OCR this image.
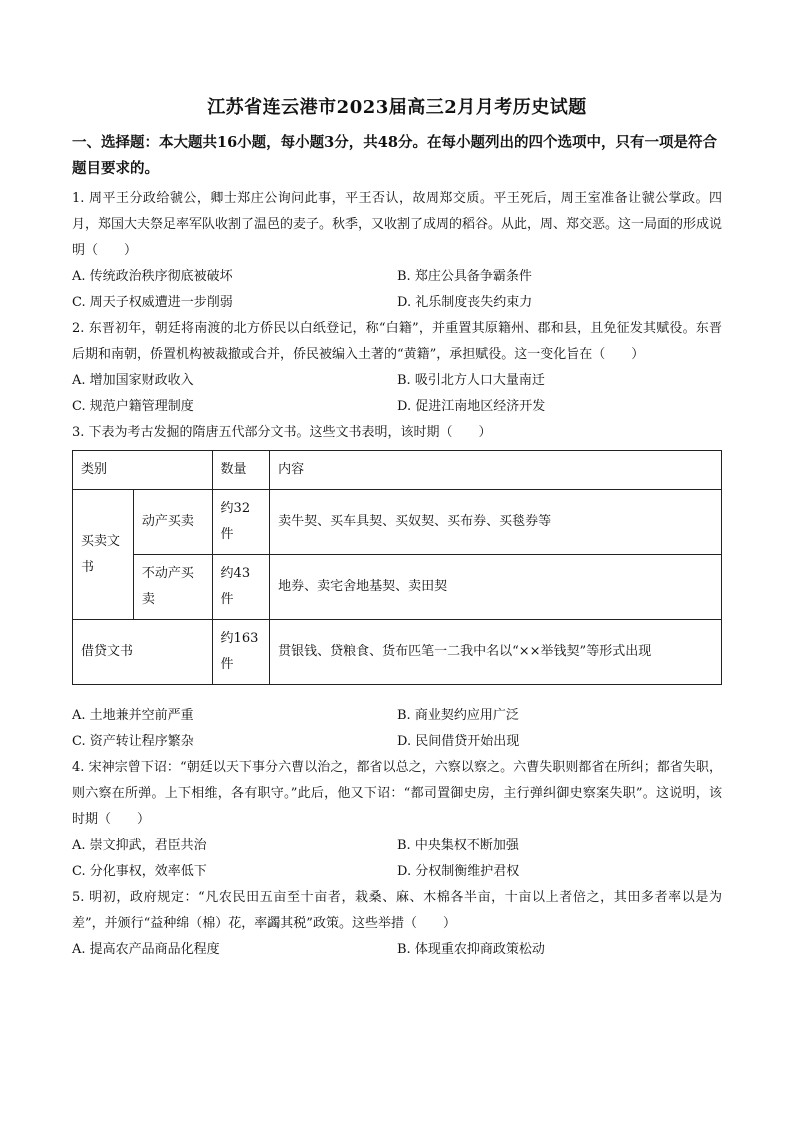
江苏省连云港市2023届高三2月月考历史试题

一、选择题：本大题共16小题，每小题3分，共48分。在每小题列出的四个选项中，只有一项是符合题目要求的。

1. 周平王分政给虢公，卿士郑庄公询问此事，平王否认，故周郑交质。平王死后，周王室准备让虢公掌政。四月，郑国大夫祭足率军队收割了温邑的麦子。秋季，又收割了成周的稻谷。从此，周、郑交恶。这一局面的形成说明（　　）

A. 传统政治秩序彻底被破坏	B. 郑庄公具备争霸条件
C. 周天子权威遭进一步削弱	D. 礼乐制度丧失约束力

2. 东晋初年，朝廷将南渡的北方侨民以白纸登记，称“白籍”，并重置其原籍州、郡和县，且免征发其赋役。东晋后期和南朝，侨置机构被裁撤或合并，侨民被编入土著的“黄籍”，承担赋役。这一变化旨在（　　）

A. 增加国家财政收入	B. 吸引北方人口大量南迁
C. 规范户籍管理制度	D. 促进江南地区经济开发

3. 下表为考古发掘的隋唐五代部分文书。这些文书表明，该时期（　　）

类别		数量	内容
买卖文书	动产买卖	约32件	卖牛契、买车具契、买奴契、买布券、买毯券等
	不动产买卖	约43件	地券、卖宅舍地基契、卖田契
借贷文书		约163件	贯银钱、贷粮食、货布匹笔一二我中名以“××举钱契”等形式出现
A. 土地兼并空前严重	B. 商业契约应用广泛
C. 资产转让程序繁杂	D. 民间借贷开始出现

4. 宋神宗曾下诏：“朝廷以天下事分六曹以治之，都省以总之，六察以察之。六曹失职则都省在所纠；都省失职，则六察在所弹。上下相维，各有职守。”此后，他又下诏：“都司置御史房，主行弹纠御史察案失职”。这说明，该时期（　　）

A. 崇文抑武，君臣共治	B. 中央集权不断加强
C. 分化事权，效率低下	D. 分权制衡维护君权

5. 明初，政府规定：“凡农民田五亩至十亩者，栽桑、麻、木棉各半亩，十亩以上者倍之，其田多者率以是为差”，并颁行“益种绵（棉）花，率蠲其税”政策。这些举措（　　）

A. 提高农产品商品化程度	B. 体现重农抑商政策松动
